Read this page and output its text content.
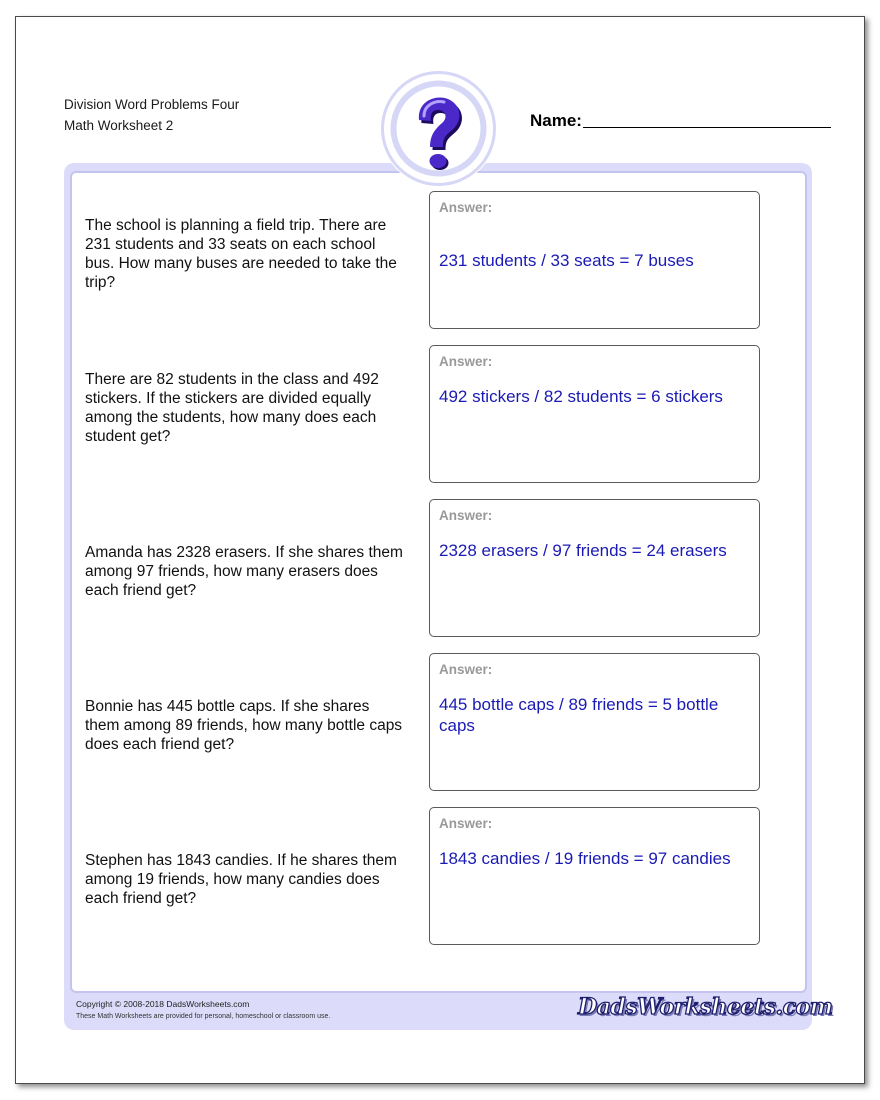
Division Word Problems Four
Math Worksheet 2	Name:
The school is planning a field trip. There are 231 students and 33 seats on each school bus. How many buses are needed to take the trip?
Answer:
231 students / 33 seats = 7 buses
There are 82 students in the class and 492 stickers. If the stickers are divided equally among the students, how many does each student get?
Answer:
492 stickers / 82 students = 6 stickers
Amanda has 2328 erasers. If she shares them among 97 friends, how many erasers does each friend get?
Answer:
2328 erasers / 97 friends = 24 erasers
Bonnie has 445 bottle caps. If she shares them among 89 friends, how many bottle caps does each friend get?
Answer:
445 bottle caps / 89 friends = 5 bottle caps
Stephen has 1843 candies. If he shares them among 19 friends, how many candies does each friend get?
Answer:
1843 candies / 19 friends = 97 candies
Copyright © 2008-2018 DadsWorksheets.com
These Math Worksheets are provided for personal, homeschool or classroom use.	DadsWorksheets.com
